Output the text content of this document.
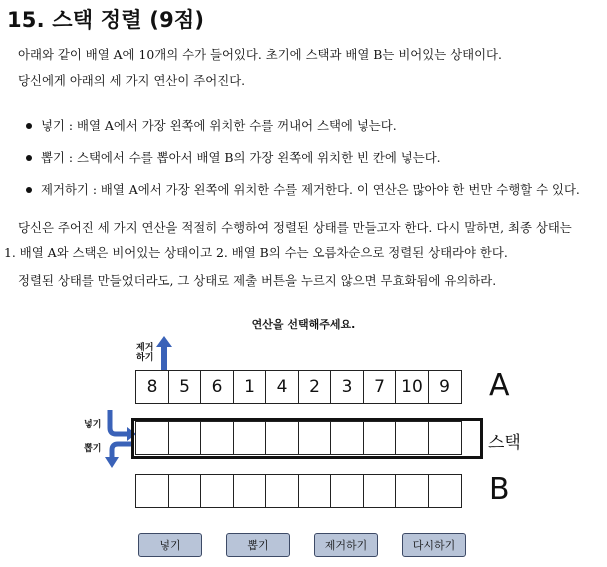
15. 스택 정렬 (9점)
아래와 같이 배열 A에 10개의 수가 들어있다. 초기에 스택과 배열 B는 비어있는 상태이다.
당신에게 아래의 세 가지 연산이 주어진다.
넣기 : 배열 A에서 가장 왼쪽에 위치한 수를 꺼내어 스택에 넣는다.
뽑기 : 스택에서 수를 뽑아서 배열 B의 가장 왼쪽에 위치한 빈 칸에 넣는다.
제거하기 : 배열 A에서 가장 왼쪽에 위치한 수를 제거한다. 이 연산은 많아야 한 번만 수행할 수 있다.
당신은 주어진 세 가지 연산을 적절히 수행하여 정렬된 상태를 만들고자 한다. 다시 말하면, 최종 상태는
1. 배열 A와 스택은 비어있는 상태이고 2. 배열 B의 수는 오름차순으로 정렬된 상태라야 한다.
정렬된 상태를 만들었더라도, 그 상태로 제출 버튼을 누르지 않으면 무효화됨에 유의하라.
연산을 선택해주세요.
제거
하기
8	5	6	1	4	2	3	7 10 9	A
넣기
뽑기	스택
B
넣기	뽑기	제거하기	다시하기
